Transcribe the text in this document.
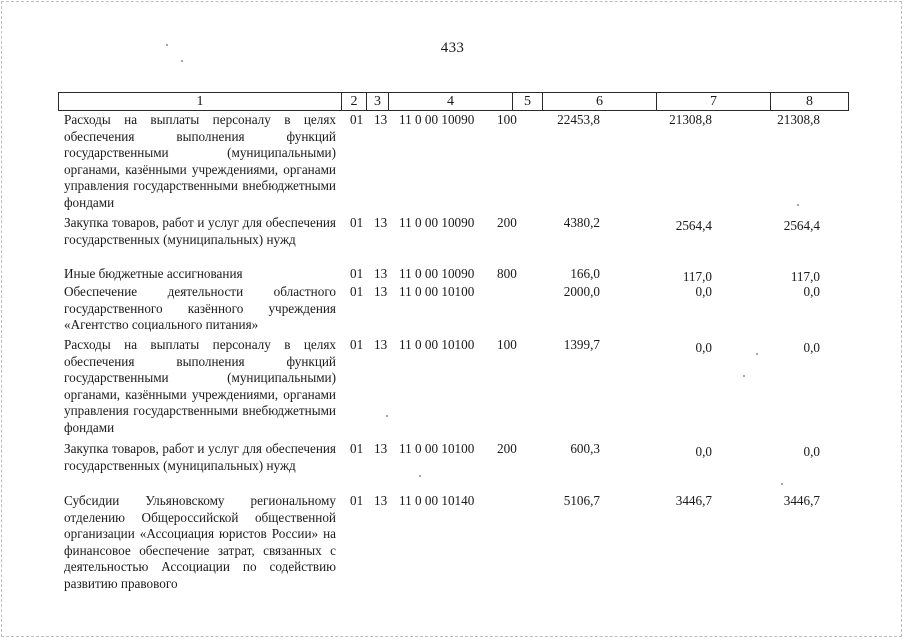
433
1	2	3	4	5	6	7	8
Расходы на выплаты персоналу в целях обеспечения выполнения функций государственными (муниципальными) органами, казёнными учреждениями, органами управления государственными внебюджетными фондами
01 13 11 0 00 10090 100	22453,8	21308,8	21308,8
Закупка товаров, работ и услуг для обеспечения государственных (муниципальных) нужд
01 13 11 0 00 10090 200	4380,2	2564,4	2564,4
Иные бюджетные ассигнования	01 13 11 0 00 10090 800	166,0	117,0	117,0
Обеспечение деятельности областного государственного казённого учреждения «Агентство социального питания»
01 13 11 0 00 10100	2000,0	0,0	0,0
Расходы на выплаты персоналу в целях обеспечения выполнения функций государственными (муниципальными) органами, казёнными учреждениями, органами управления государственными внебюджетными фондами
01 13 11 0 00 10100 100	1399,7	0,0	0,0
Закупка товаров, работ и услуг для обеспечения государственных (муниципальных) нужд
01 13 11 0 00 10100 200	600,3	0,0	0,0
Субсидии Ульяновскому региональному отделению Общероссийской общественной организации «Ассоциация юристов России» на финансовое обеспечение затрат, связанных с деятельностью Ассоциации по содействию развитию правового
01 13 11 0 00 10140	5106,7	3446,7	3446,7
